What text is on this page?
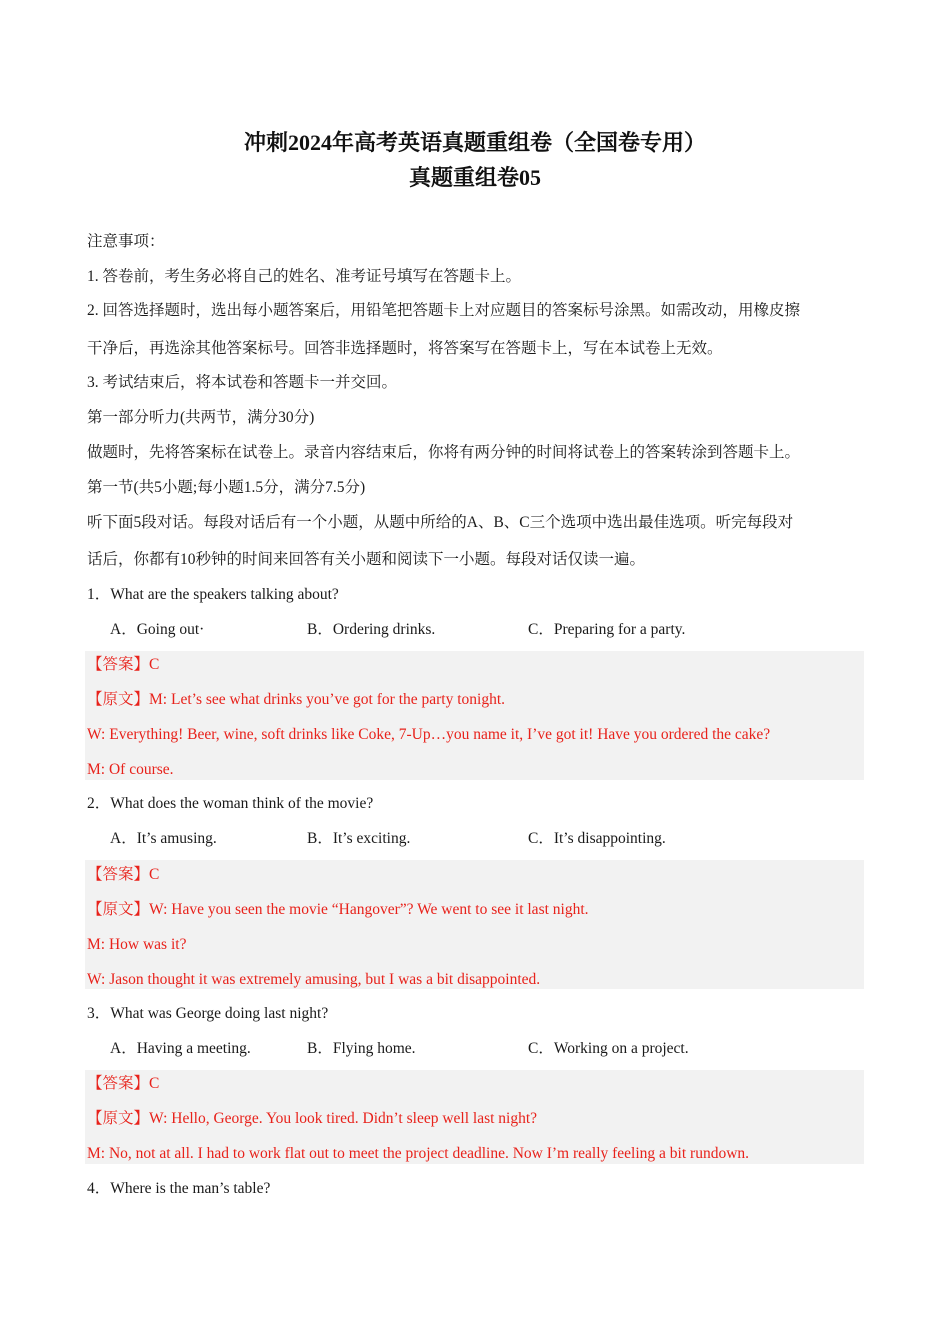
冲刺2024年高考英语真题重组卷（全国卷专用）
真题重组卷05
注意事项：
1. 答卷前，考生务必将自己的姓名、准考证号填写在答题卡上。
2. 回答选择题时，选出每小题答案后，用铅笔把答题卡上对应题目的答案标号涂黑。如需改动，用橡皮擦
干净后，再选涂其他答案标号。回答非选择题时，将答案写在答题卡上，写在本试卷上无效。
3. 考试结束后，将本试卷和答题卡一并交回。
第一部分听力(共两节，满分30分)
做题时，先将答案标在试卷上。录音内容结束后，你将有两分钟的时间将试卷上的答案转涂到答题卡上。
第一节(共5小题;每小题1.5分，满分7.5分)
听下面5段对话。每段对话后有一个小题，从题中所给的A、B、C三个选项中选出最佳选项。听完每段对
话后，你都有10秒钟的时间来回答有关小题和阅读下一小题。每段对话仅读一遍。
1．What are the speakers talking about?
A．Going out·	B．Ordering drinks.	C．Preparing for a party.
【答案】C
【原文】M: Let’s see what drinks you’ve got for the party tonight.
W: Everything! Beer, wine, soft drinks like Coke, 7-Up…you name it, I’ve got it! Have you ordered the cake?
M: Of course.
2．What does the woman think of the movie?
A．It’s amusing.	B．It’s exciting.	C．It’s disappointing.
【答案】C
【原文】W: Have you seen the movie “Hangover”? We went to see it last night.
M: How was it?
W: Jason thought it was extremely amusing, but I was a bit disappointed.
3．What was George doing last night?
A．Having a meeting.	B．Flying home.	C．Working on a project.
【答案】C
【原文】W: Hello, George. You look tired. Didn’t sleep well last night?
M: No, not at all. I had to work flat out to meet the project deadline. Now I’m really feeling a bit rundown.
4．Where is the man’s table?
